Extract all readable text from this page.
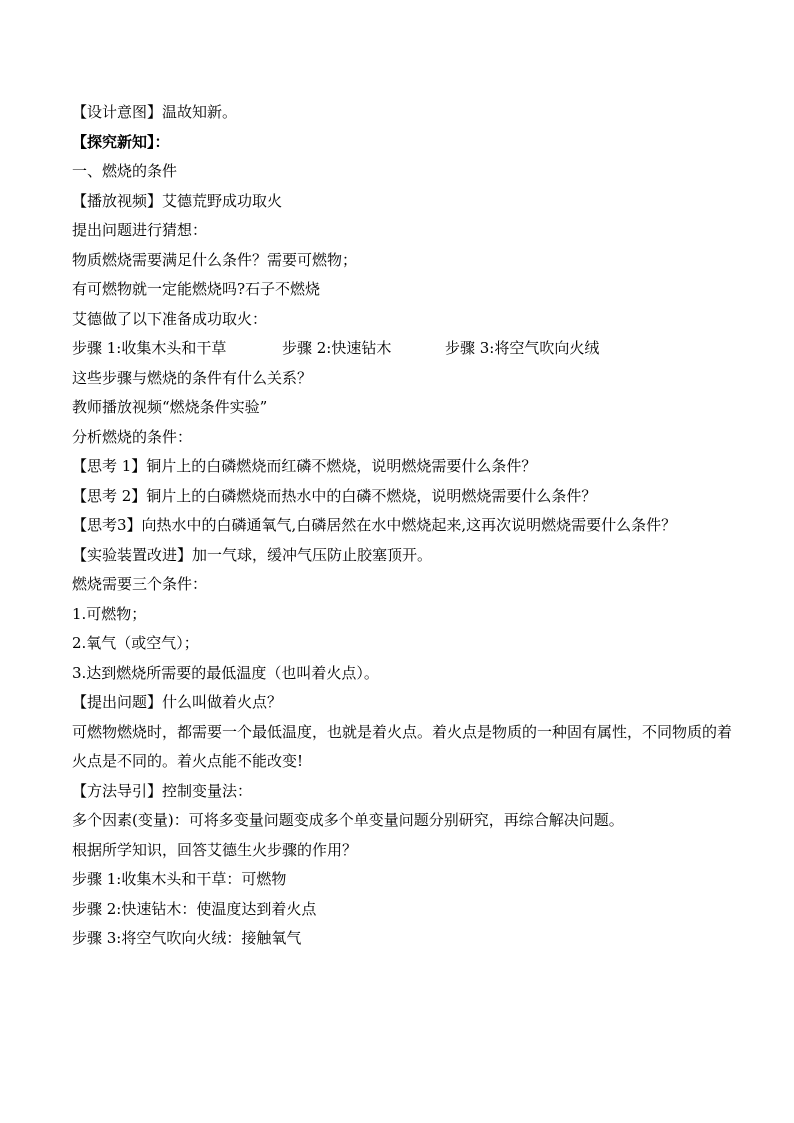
【设计意图】温故知新。
【探究新知】：
一、燃烧的条件
【播放视频】艾德荒野成功取火
提出问题进行猜想：
物质燃烧需要满足什么条件？需要可燃物；
有可燃物就一定能燃烧吗?石子不燃烧
艾德做了以下准备成功取火：
步骤 1:收集木头和干草	步骤 2:快速钻木	步骤 3:将空气吹向火绒
这些步骤与燃烧的条件有什么关系？
教师播放视频“燃烧条件实验”
分析燃烧的条件：
【思考 1】铜片上的白磷燃烧而红磷不燃烧，说明燃烧需要什么条件？
【思考 2】铜片上的白磷燃烧而热水中的白磷不燃烧，说明燃烧需要什么条件？
【思考3】向热水中的白磷通氧气,白磷居然在水中燃烧起来,这再次说明燃烧需要什么条件？
【实验装置改进】加一气球，缓冲气压防止胶塞顶开。
燃烧需要三个条件：
1.可燃物；
2.氧气（或空气）；
3.达到燃烧所需要的最低温度（也叫着火点）。
【提出问题】什么叫做着火点？
可燃物燃烧时，都需要一个最低温度，也就是着火点。着火点是物质的一种固有属性，不同物质的着火点是不同的。着火点能不能改变!
【方法导引】控制变量法：
多个因素(变量)：可将多变量问题变成多个单变量问题分别研究，再综合解决问题。
根据所学知识，回答艾德生火步骤的作用？
步骤 1:收集木头和干草：可燃物
步骤 2:快速钻木：使温度达到着火点
步骤 3:将空气吹向火绒：接触氧气
